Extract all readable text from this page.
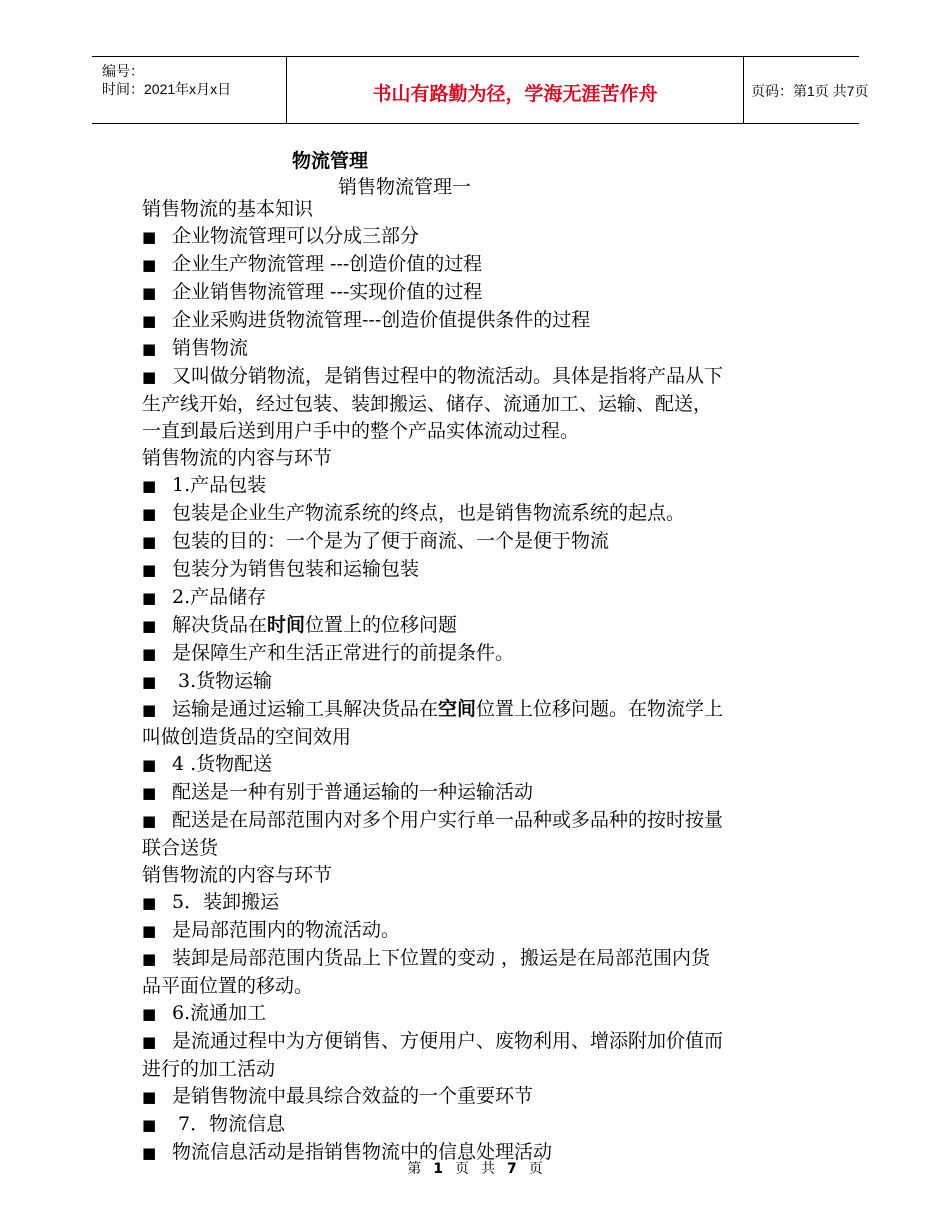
编号：
时间：2021年x月x日	书山有路勤为径，学海无涯苦作舟	页码：第1页 共7页
物流管理
销售物流管理一
销售物流的基本知识
■ 企业物流管理可以分成三部分
■ 企业生产物流管理 ---创造价值的过程
■ 企业销售物流管理 ---实现价值的过程
■ 企业采购进货物流管理---创造价值提供条件的过程
■ 销售物流
■ 又叫做分销物流，是销售过程中的物流活动。具体是指将产品从下
生产线开始，经过包装、装卸搬运、储存、流通加工、运输、配送，
一直到最后送到用户手中的整个产品实体流动过程。
销售物流的内容与环节
■ 1.产品包装
■ 包装是企业生产物流系统的终点，也是销售物流系统的起点。
■ 包装的目的：一个是为了便于商流、一个是便于物流
■ 包装分为销售包装和运输包装
■ 2.产品储存
■ 解决货品在时间位置上的位移问题
■ 是保障生产和生活正常进行的前提条件。
■ 3.货物运输
■ 运输是通过运输工具解决货品在空间位置上位移问题。在物流学上
叫做创造货品的空间效用
■ 4 .货物配送
■ 配送是一种有别于普通运输的一种运输活动
■ 配送是在局部范围内对多个用户实行单一品种或多品种的按时按量
联合送货
销售物流的内容与环节
■ 5．装卸搬运
■ 是局部范围内的物流活动。
■ 装卸是局部范围内货品上下位置的变动 ，搬运是在局部范围内货
品平面位置的移动。
■ 6.流通加工
■ 是流通过程中为方便销售、方便用户、废物利用、增添附加价值而
进行的加工活动
■ 是销售物流中最具综合效益的一个重要环节
■ 7．物流信息
■ 物流信息活动是指销售物流中的信息处理活动
第 1 页 共 7 页
